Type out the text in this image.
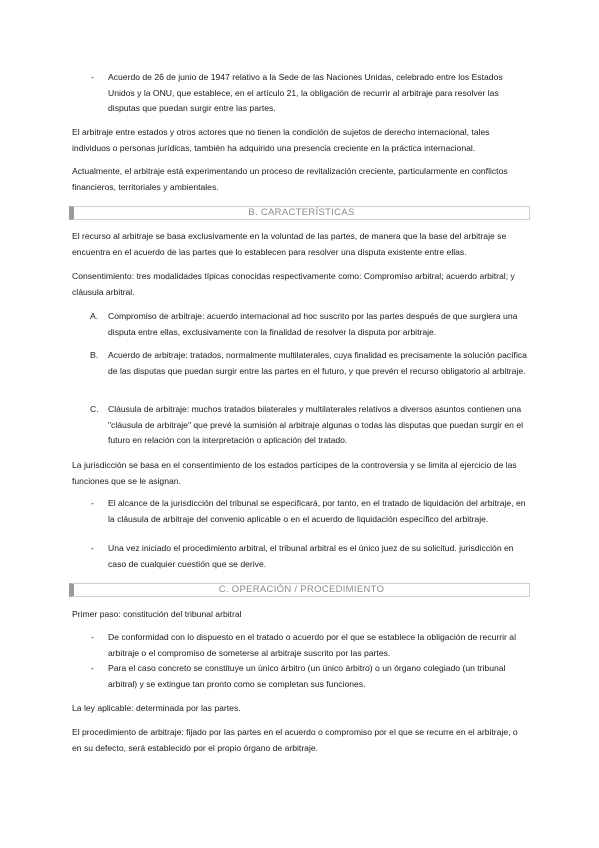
- Acuerdo de 26 de junio de 1947 relativo a la Sede de las Naciones Unidas, celebrado entre los Estados Unidos y la ONU, que establece, en el artículo 21, la obligación de recurrir al arbitraje para resolver las disputas que puedan surgir entre las partes.

El arbitraje entre estados y otros actores que no tienen la condición de sujetos de derecho internacional, tales individuos o personas jurídicas, también ha adquirido una presencia creciente en la práctica internacional.

Actualmente, el arbitraje está experimentando un proceso de revitalización creciente, particularmente en conflictos financieros, territoriales y ambientales.

B. CARACTERÍSTICAS

El recurso al arbitraje se basa exclusivamente en la voluntad de las partes, de manera que la base del arbitraje se encuentra en el acuerdo de las partes que lo establecen para resolver una disputa existente entre ellas.

Consentimiento: tres modalidades típicas conocidas respectivamente como: Compromiso arbitral; acuerdo arbitral; y cláusula arbitral.

A. Compromiso de arbitraje: acuerdo internacional ad hoc suscrito por las partes después de que surgiera una disputa entre ellas, exclusivamente con la finalidad de resolver la disputa por arbitraje.

B. Acuerdo de arbitraje: tratados, normalmente multilaterales, cuya finalidad es precisamente la solución pacífica de las disputas que puedan surgir entre las partes en el futuro, y que prevén el recurso obligatorio al arbitraje.

C. Cláusula de arbitraje: muchos tratados bilaterales y multilaterales relativos a diversos asuntos contienen una "cláusula de arbitraje" que prevé la sumisión al arbitraje algunas o todas las disputas que puedan surgir en el futuro en relación con la interpretación o aplicación del tratado.

La jurisdicción se basa en el consentimiento de los estados partícipes de la controversia y se limita al ejercicio de las funciones que se le asignan.

- El alcance de la jurisdicción del tribunal se especificará, por tanto, en el tratado de liquidación del arbitraje, en la cláusula de arbitraje del convenio aplicable o en el acuerdo de liquidación específico del arbitraje.

- Una vez iniciado el procedimiento arbitral, el tribunal arbitral es el único juez de su solicitud. jurisdicción en caso de cualquier cuestión que se derive.

C. OPERACIÓN / PROCEDIMIENTO

Primer paso: constitución del tribunal arbitral

- De conformidad con lo dispuesto en el tratado o acuerdo por el que se establece la obligación de recurrir al arbitraje o el compromiso de someterse al arbitraje suscrito por las partes.

- Para el caso concreto se constituye un único árbitro (un único árbitro) o un órgano colegiado (un tribunal arbitral) y se extingue tan pronto como se completan sus funciones.

La ley aplicable: determinada por las partes.

El procedimiento de arbitraje: fijado por las partes en el acuerdo o compromiso por el que se recurre en el arbitraje, o en su defecto, será establecido por el propio órgano de arbitraje.
